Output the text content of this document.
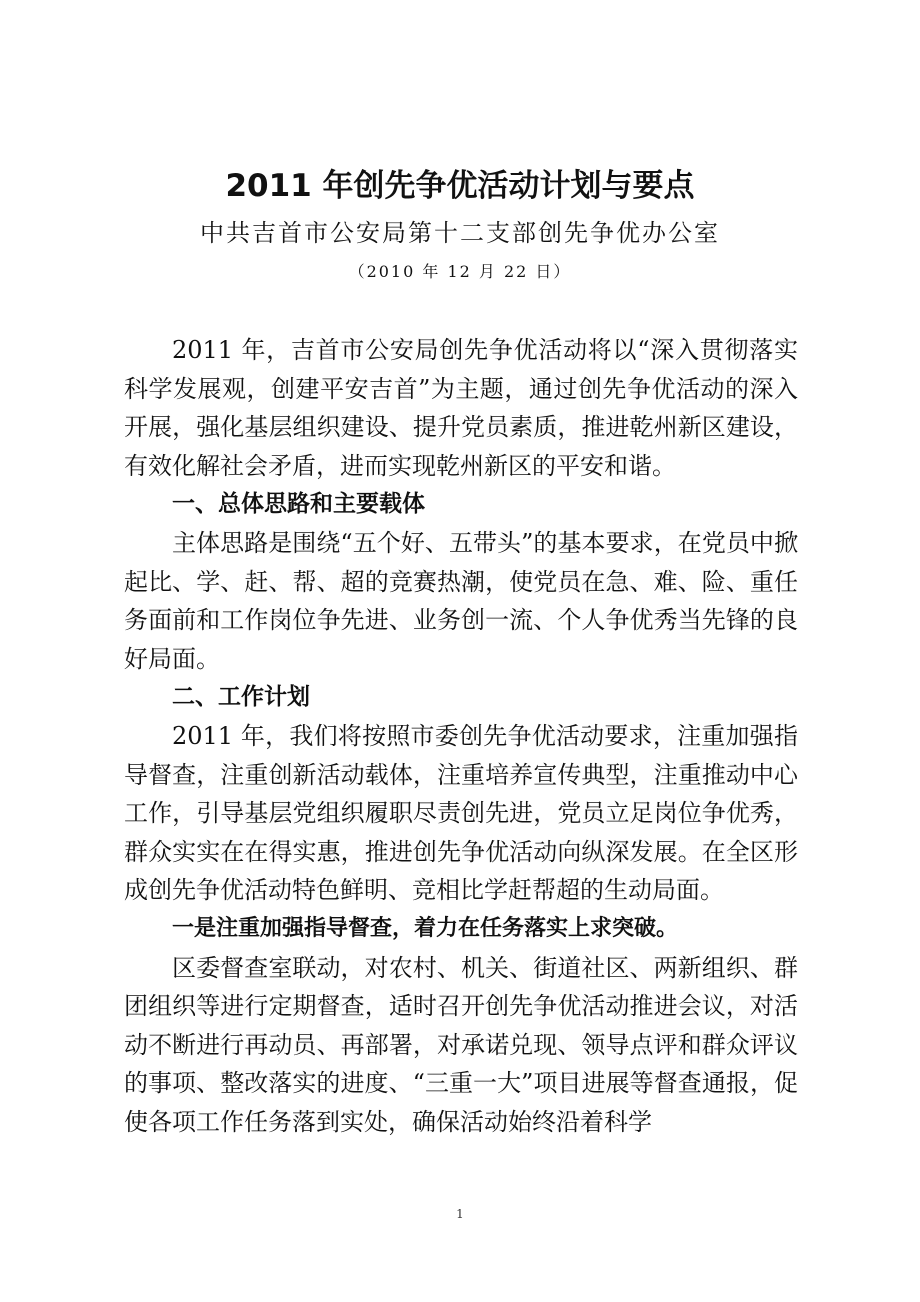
2011 年创先争优活动计划与要点
中共吉首市公安局第十二支部创先争优办公室
（2010 年 12 月 22 日）

2011 年，吉首市公安局创先争优活动将以“深入贯彻落实科学发展观，创建平安吉首”为主题，通过创先争优活动的深入开展，强化基层组织建设、提升党员素质，推进乾州新区建设，有效化解社会矛盾，进而实现乾州新区的平安和谐。

一、总体思路和主要载体

主体思路是围绕“五个好、五带头”的基本要求，在党员中掀起比、学、赶、帮、超的竞赛热潮，使党员在急、难、险、重任务面前和工作岗位争先进、业务创一流、个人争优秀当先锋的良好局面。

二、工作计划

2011 年，我们将按照市委创先争优活动要求，注重加强指导督查，注重创新活动载体，注重培养宣传典型，注重推动中心工作，引导基层党组织履职尽责创先进，党员立足岗位争优秀，群众实实在在得实惠，推进创先争优活动向纵深发展。在全区形成创先争优活动特色鲜明、竞相比学赶帮超的生动局面。

一是注重加强指导督查，着力在任务落实上求突破。

区委督查室联动，对农村、机关、街道社区、两新组织、群团组织等进行定期督查，适时召开创先争优活动推进会议，对活动不断进行再动员、再部署，对承诺兑现、领导点评和群众评议的事项、整改落实的进度、“三重一大”项目进展等督查通报，促使各项工作任务落到实处，确保活动始终沿着科学

1
